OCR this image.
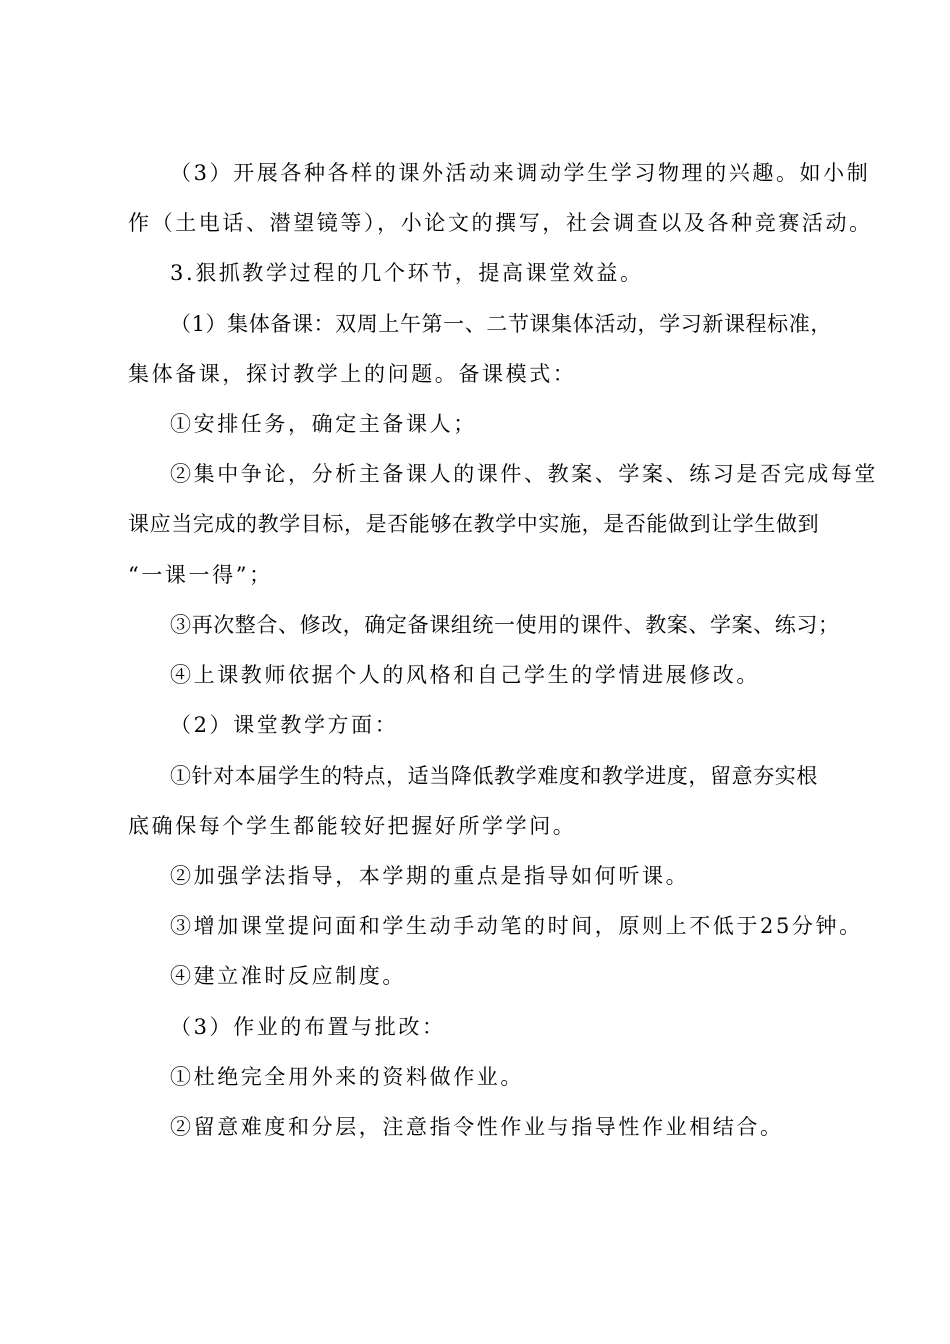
（3）开展各种各样的课外活动来调动学生学习物理的兴趣。如小制
作（土电话、潜望镜等），小论文的撰写，社会调查以及各种竞赛活动。
3.狠抓教学过程的几个环节，提高课堂效益。
（1）集体备课：双周上午第一、二节课集体活动，学习新课程标准，
集体备课，探讨教学上的问题。备课模式：
①安排任务，确定主备课人；
②集中争论，分析主备课人的课件、教案、学案、练习是否完成每堂
课应当完成的教学目标，是否能够在教学中实施，是否能做到让学生做到
“一课一得”；
③再次整合、修改，确定备课组统一使用的课件、教案、学案、练习；
④上课教师依据个人的风格和自己学生的学情进展修改。
（2）课堂教学方面：
①针对本届学生的特点，适当降低教学难度和教学进度，留意夯实根
底确保每个学生都能较好把握好所学学问。
②加强学法指导，本学期的重点是指导如何听课。
③增加课堂提问面和学生动手动笔的时间，原则上不低于25分钟。
④建立准时反应制度。
（3）作业的布置与批改：
①杜绝完全用外来的资料做作业。
②留意难度和分层，注意指令性作业与指导性作业相结合。
